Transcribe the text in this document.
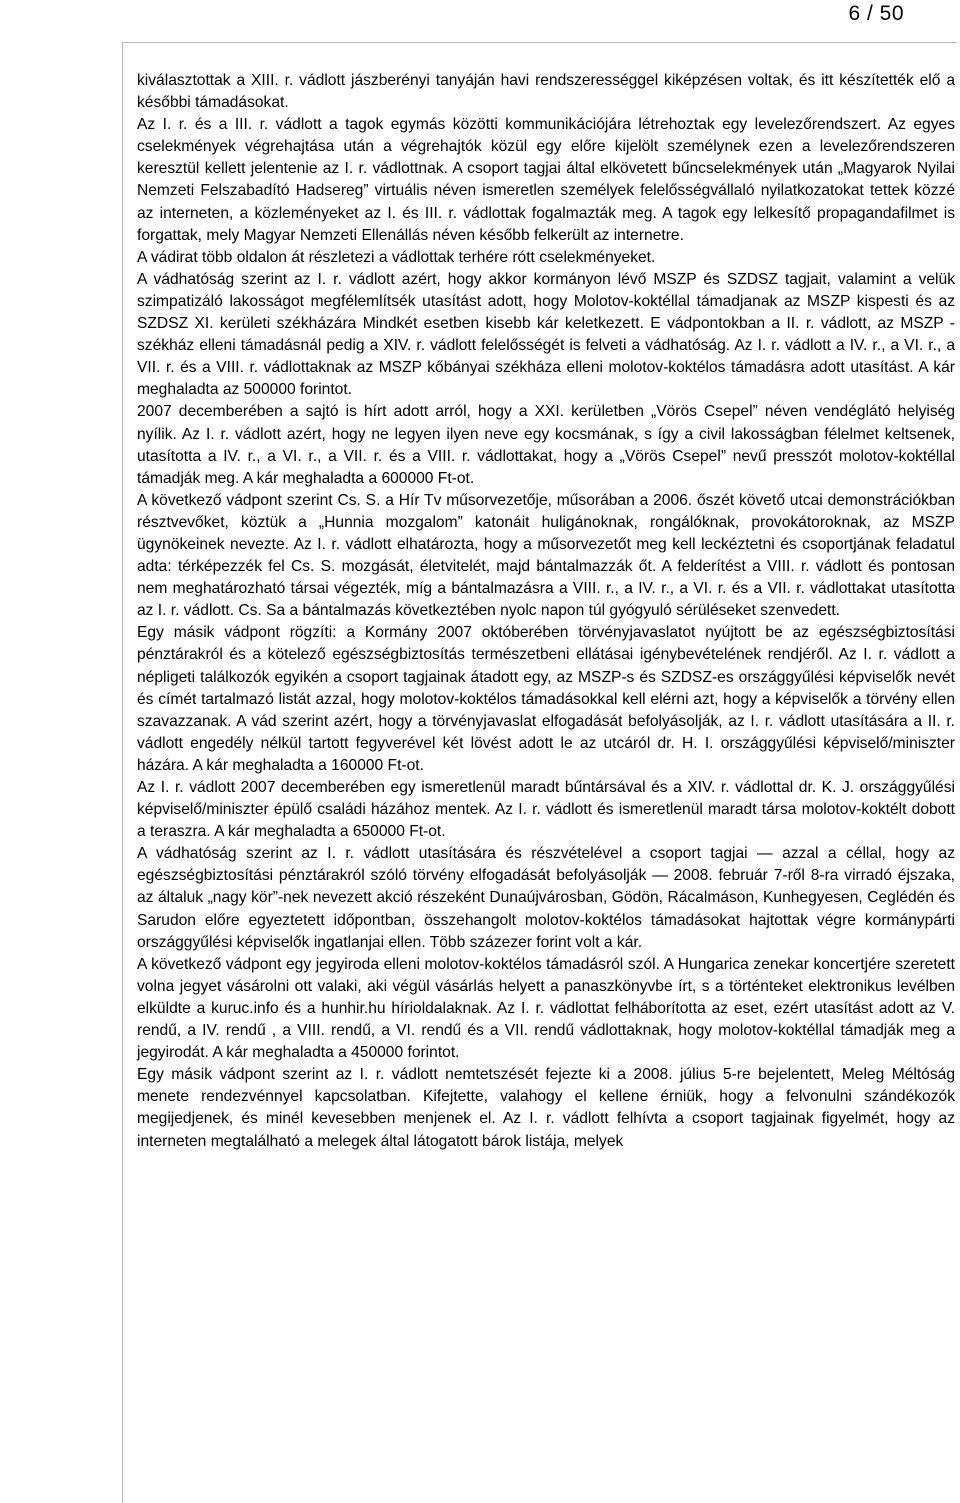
6 / 50

kiválasztottak a XIII. r. vádlott jászberényi tanyáján havi rendszerességgel kiképzésen voltak, és itt készítették elő a későbbi támadásokat.

Az I. r. és a III. r. vádlott a tagok egymás közötti kommunikációjára létrehoztak egy levelezőrendszert. Az egyes cselekmények végrehajtása után a végrehajtók közül egy előre kijelölt személynek ezen a levelezőrendszeren keresztül kellett jelentenie az I. r. vádlottnak. A csoport tagjai által elkövetett bűncselekmények után „Magyarok Nyilai Nemzeti Felszabadító Hadsereg” virtuális néven ismeretlen személyek felelősségvállaló nyilatkozatokat tettek közzé az interneten, a közleményeket az I. és III. r. vádlottak fogalmazták meg. A tagok egy lelkesítő propagandafilmet is forgattak, mely Magyar Nemzeti Ellenállás néven később felkerült az internetre.

A vádirat több oldalon át részletezi a vádlottak terhére rótt cselekményeket.

A vádhatóság szerint az I. r. vádlott azért, hogy akkor kormányon lévő MSZP és SZDSZ tagjait, valamint a velük szimpatizáló lakosságot megfélemlítsék utasítást adott, hogy Molotov-koktéllal támadjanak az MSZP kispesti és az SZDSZ XI. kerületi székházára Mindkét esetben kisebb kár keletkezett. E vádpontokban a II. r. vádlott, az MSZP -székház elleni támadásnál pedig a XIV. r. vádlott felelősségét is felveti a vádhatóság. Az I. r. vádlott a IV. r., a VI. r., a VII. r. és a VIII. r. vádlottaknak az MSZP kőbányai székháza elleni molotov-koktélos támadásra adott utasítást. A kár meghaladta az 500000 forintot.

2007 decemberében a sajtó is hírt adott arról, hogy a XXI. kerületben „Vörös Csepel” néven vendéglátó helyiség nyílik. Az I. r. vádlott azért, hogy ne legyen ilyen neve egy kocsmának, s így a civil lakosságban félelmet keltsenek, utasította a IV. r., a VI. r., a VII. r. és a VIII. r. vádlottakat, hogy a „Vörös Csepel” nevű presszót molotov-koktéllal támadják meg. A kár meghaladta a 600000 Ft-ot.

A következő vádpont szerint Cs. S. a Hír Tv műsorvezetője, műsorában a 2006. őszét követő utcai demonstrációkban résztvevőket, köztük a „Hunnia mozgalom” katonáit huligánoknak, rongálóknak, provokátoroknak, az MSZP ügynökeinek nevezte. Az I. r. vádlott elhatározta, hogy a műsorvezetőt meg kell leckéztetni és csoportjának feladatul adta: térképezzék fel Cs. S. mozgását, életvitelét, majd bántalmazzák őt. A felderítést a VIII. r. vádlott és pontosan nem meghatározható társai végezték, míg a bántalmazásra a VIII. r., a IV. r., a VI. r. és a VII. r. vádlottakat utasította az I. r. vádlott. Cs. Sa a bántalmazás következtében nyolc napon túl gyógyuló sérüléseket szenvedett.

Egy másik vádpont rögzíti: a Kormány 2007 októberében törvényjavaslatot nyújtott be az egészségbiztosítási pénztárakról és a kötelező egészségbiztosítás természetbeni ellátásai igénybevételének rendjéről. Az I. r. vádlott a népligeti találkozók egyikén a csoport tagjainak átadott egy, az MSZP-s és SZDSZ-es országgyűlési képviselők nevét és címét tartalmazó listát azzal, hogy molotov-koktélos támadásokkal kell elérni azt, hogy a képviselők a törvény ellen szavazzanak. A vád szerint azért, hogy a törvényjavaslat elfogadását befolyásolják, az I. r. vádlott utasítására a II. r. vádlott engedély nélkül tartott fegyverével két lövést adott le az utcáról dr. H. I. országgyűlési képviselő/miniszter házára. A kár meghaladta a 160000 Ft-ot.

Az I. r. vádlott 2007 decemberében egy ismeretlenül maradt bűntársával és a XIV. r. vádlottal dr. K. J. országgyűlési képviselő/miniszter épülő családi házához mentek. Az I. r. vádlott és ismeretlenül maradt társa molotov-koktélt dobott a teraszra. A kár meghaladta a 650000 Ft-ot.

A vádhatóság szerint az I. r. vádlott utasítására és részvételével a csoport tagjai — azzal a céllal, hogy az egészségbiztosítási pénztárakról szóló törvény elfogadását befolyásolják — 2008. február 7-ről 8-ra virradó éjszaka, az általuk „nagy kör”-nek nevezett akció részeként Dunaújvárosban, Gödön, Rácalmáson, Kunhegyesen, Ceglédén és Sarudon előre egyeztetett időpontban, összehangolt molotov-koktélos támadásokat hajtottak végre kormánypárti országgyűlési képviselők ingatlanjai ellen. Több százezer forint volt a kár.

A következő vádpont egy jegyiroda elleni molotov-koktélos támadásról szól. A Hungarica zenekar koncertjére szeretett volna jegyet vásárolni ott valaki, aki végül vásárlás helyett a panaszkönyvbe írt, s a történteket elektronikus levélben elküldte a kuruc.info és a hunhir.hu hírioldalaknak. Az I. r. vádlottat felháborította az eset, ezért utasítást adott az V. rendű, a IV. rendű , a VIII. rendű, a VI. rendű és a VII. rendű vádlottaknak, hogy molotov-koktéllal támadják meg a jegyirodát. A kár meghaladta a 450000 forintot.

Egy másik vádpont szerint az I. r. vádlott nemtetszését fejezte ki a 2008. július 5-re bejelentett, Meleg Méltóság menete rendezvénnyel kapcsolatban. Kifejtette, valahogy el kellene érniük, hogy a felvonulni szándékozók megijedjenek, és minél kevesebben menjenek el. Az I. r. vádlott felhívta a csoport tagjainak figyelmét, hogy az interneten megtalálható a melegek által látogatott bárok listája, melyek
